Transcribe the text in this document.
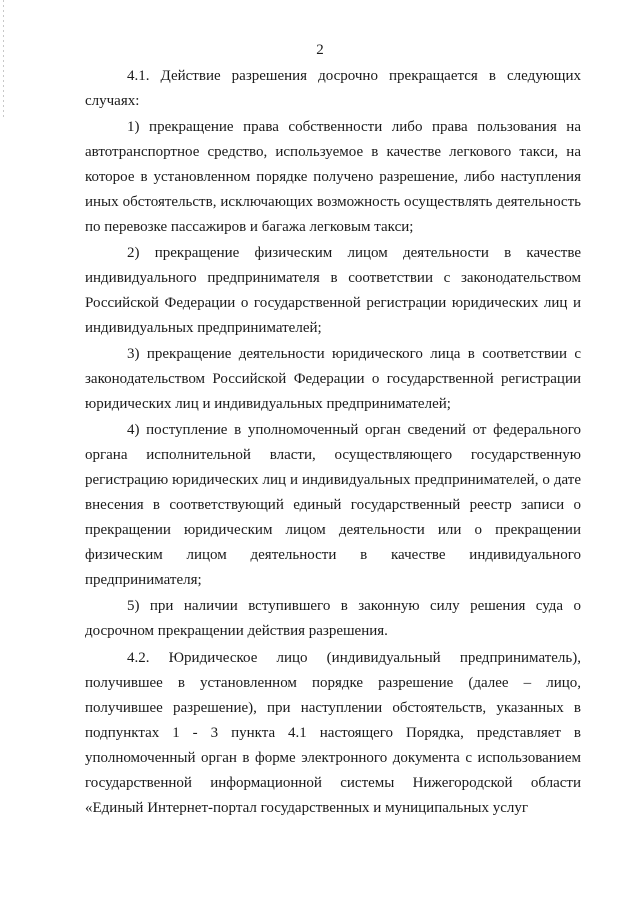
2

4.1. Действие разрешения досрочно прекращается в следующих случаях:

1) прекращение права собственности либо права пользования на автотранспортное средство, используемое в качестве легкового такси, на которое в установленном порядке получено разрешение, либо наступления иных обстоятельств, исключающих возможность осуществлять деятельность по перевозке пассажиров и багажа легковым такси;

2) прекращение физическим лицом деятельности в качестве индивидуального предпринимателя в соответствии с законодательством Российской Федерации о государственной регистрации юридических лиц и индивидуальных предпринимателей;

3) прекращение деятельности юридического лица в соответствии с законодательством Российской Федерации о государственной регистрации юридических лиц и индивидуальных предпринимателей;

4) поступление в уполномоченный орган сведений от федерального органа исполнительной власти, осуществляющего государственную регистрацию юридических лиц и индивидуальных предпринимателей, о дате внесения в соответствующий единый государственный реестр записи о прекращении юридическим лицом деятельности или о прекращении физическим лицом деятельности в качестве индивидуального предпринимателя;

5) при наличии вступившего в законную силу решения суда о досрочном прекращении действия разрешения.

4.2. Юридическое лицо (индивидуальный предприниматель), получившее в установленном порядке разрешение (далее – лицо, получившее разрешение), при наступлении обстоятельств, указанных в подпунктах 1 - 3 пункта 4.1 настоящего Порядка, представляет в уполномоченный орган в форме электронного документа с использованием государственной информационной системы Нижегородской области «Единый Интернет-портал государственных и муниципальных услуг
